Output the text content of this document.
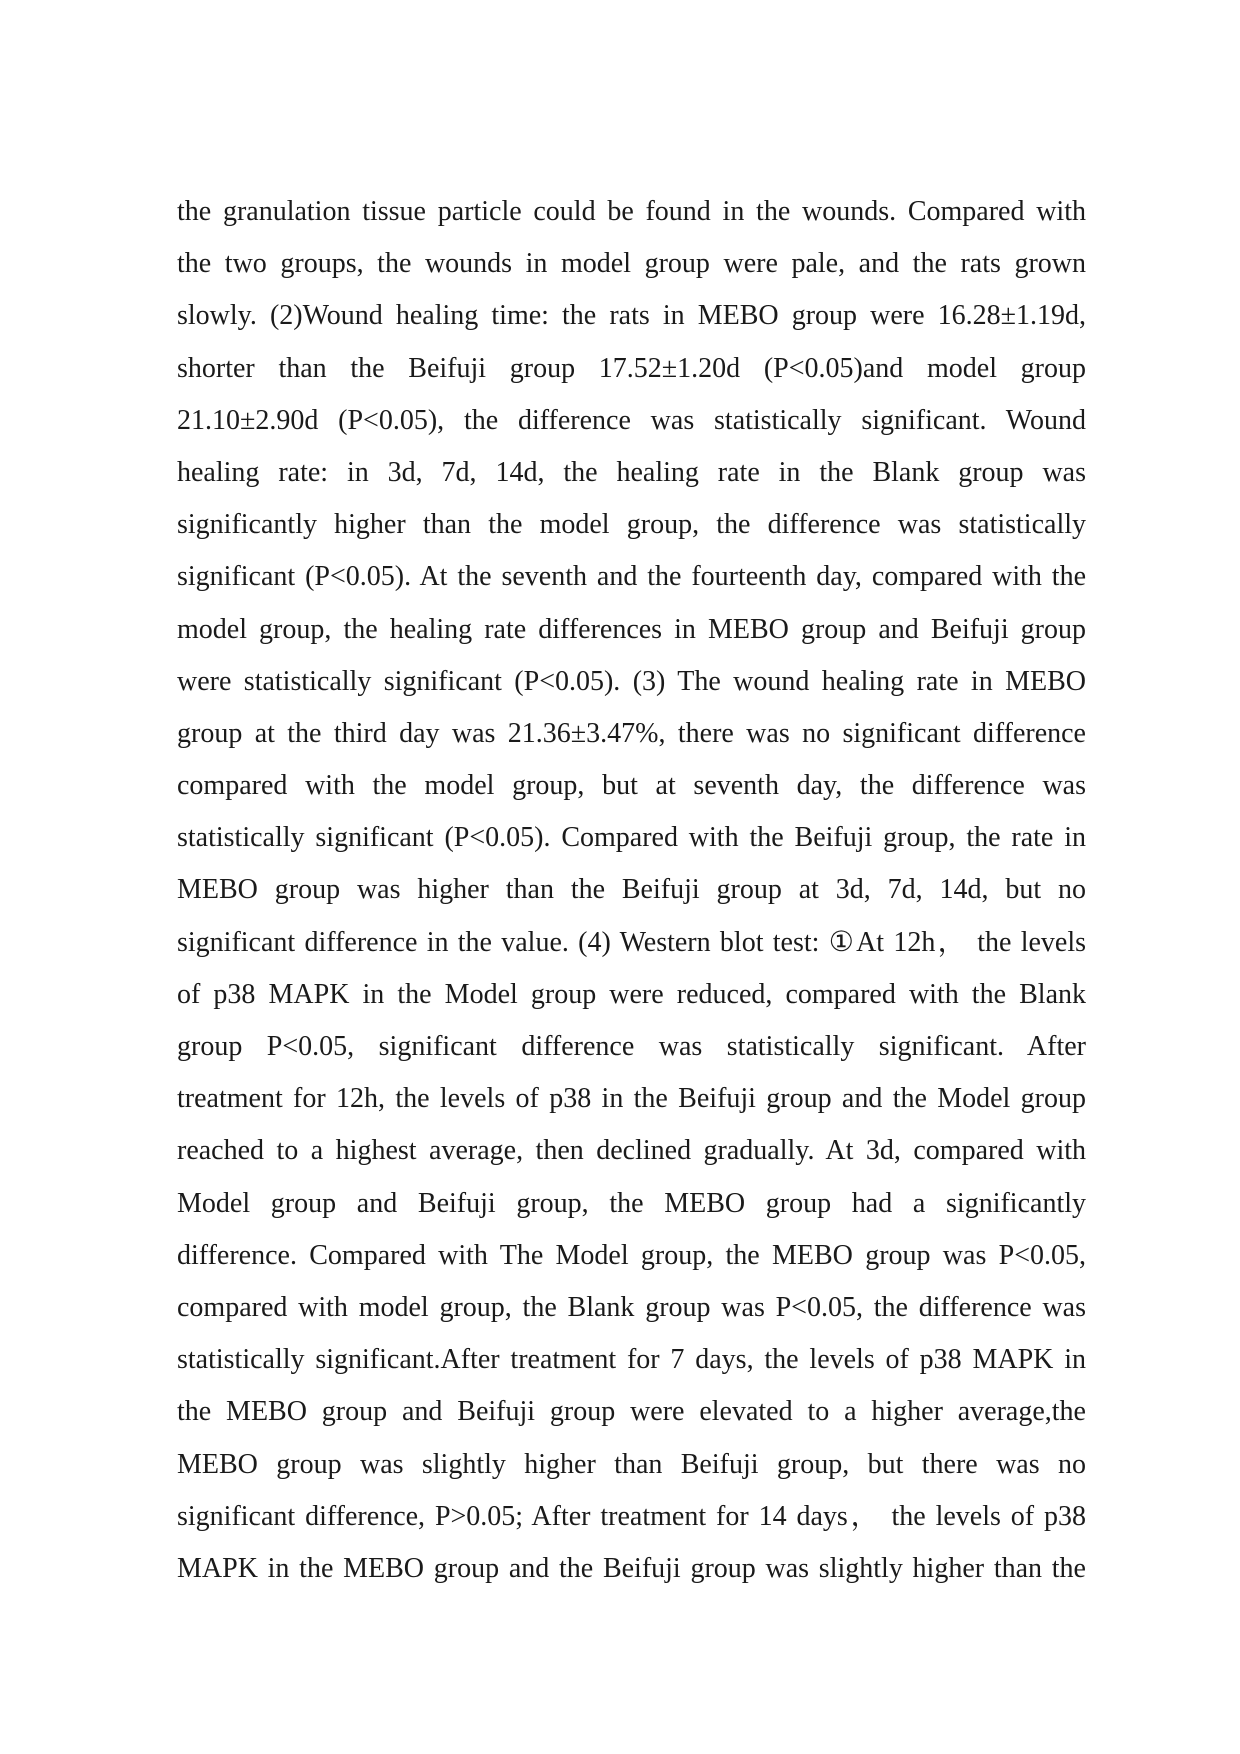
the granulation tissue particle could be found in the wounds. Compared with
the two groups, the wounds in model group were pale, and the rats grown
slowly. (2)Wound healing time: the rats in MEBO group were 16.28±1.19d,
shorter than the Beifuji group 17.52±1.20d (P<0.05)and model group
21.10±2.90d (P<0.05), the difference was statistically significant. Wound
healing rate: in 3d, 7d, 14d, the healing rate in the Blank group was
significantly higher than the model group, the difference was statistically
significant (P<0.05). At the seventh and the fourteenth day, compared with the
model group, the healing rate differences in MEBO group and Beifuji group
were statistically significant (P<0.05). (3) The wound healing rate in MEBO
group at the third day was 21.36±3.47%, there was no significant difference
compared with the model group, but at seventh day, the difference was
statistically significant (P<0.05). Compared with the Beifuji group, the rate in
MEBO group was higher than the Beifuji group at 3d, 7d, 14d, but no
significant difference in the value. (4) Western blot test: ①At 12h， the levels
of p38 MAPK in the Model group were reduced, compared with the Blank
group P<0.05, significant difference was statistically significant. After
treatment for 12h, the levels of p38 in the Beifuji group and the Model group
reached to a highest average, then declined gradually. At 3d, compared with
Model group and Beifuji group, the MEBO group had a significantly
difference. Compared with The Model group, the MEBO group was P<0.05,
compared with model group, the Blank group was P<0.05, the difference was
statistically significant.After treatment for 7 days, the levels of p38 MAPK in
the MEBO group and Beifuji group were elevated to a higher average,the
MEBO group was slightly higher than Beifuji group, but there was no
significant difference, P>0.05; After treatment for 14 days， the levels of p38
MAPK in the MEBO group and the Beifuji group was slightly higher than the
